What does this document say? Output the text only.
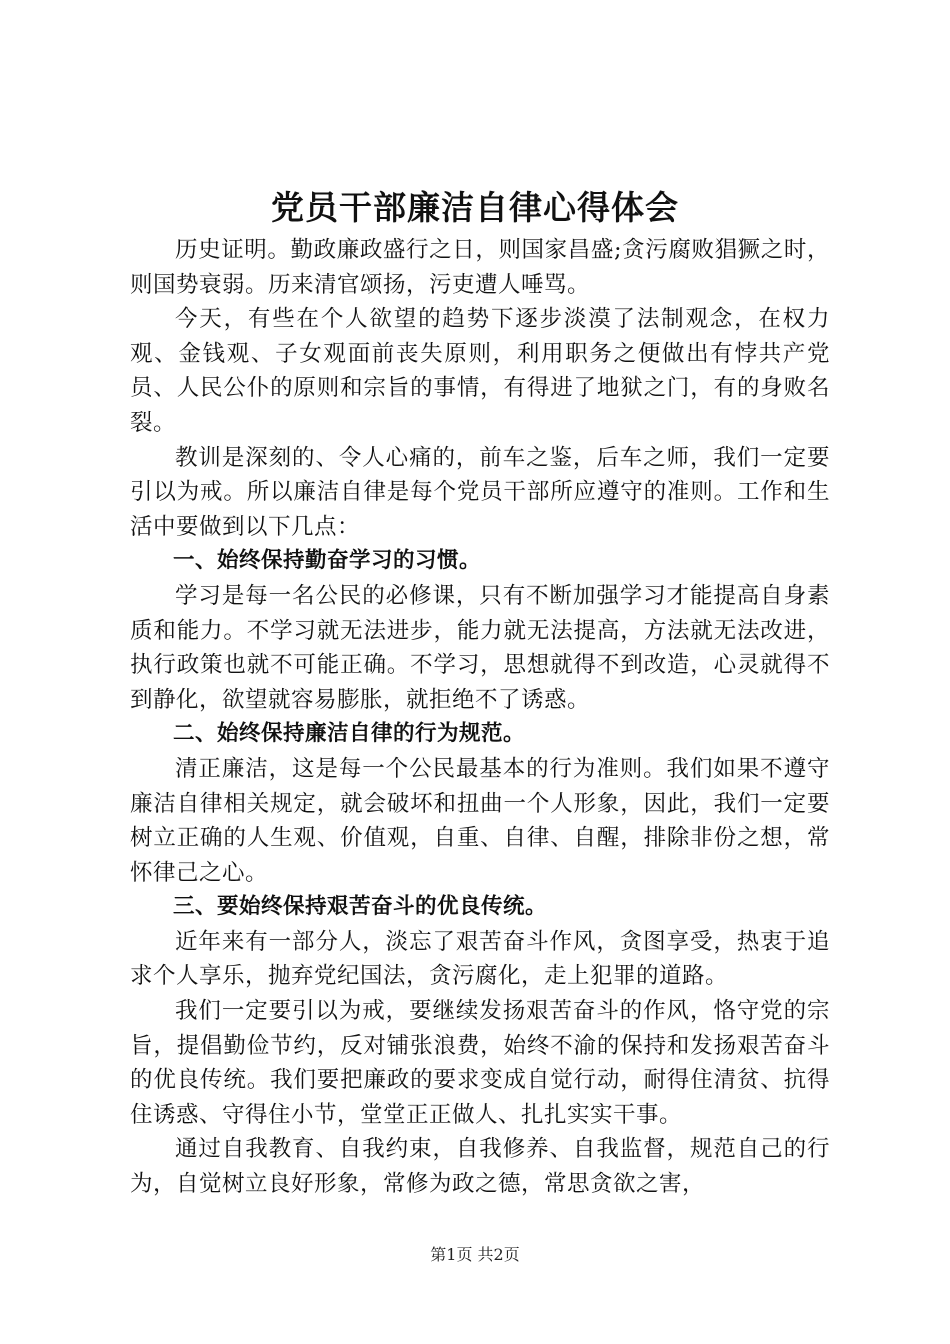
党员干部廉洁自律心得体会

历史证明。勤政廉政盛行之日，则国家昌盛;贪污腐败猖獗之时，则国势衰弱。历来清官颂扬，污吏遭人唾骂。

今天，有些在个人欲望的趋势下逐步淡漠了法制观念，在权力观、金钱观、子女观面前丧失原则，利用职务之便做出有悖共产党员、人民公仆的原则和宗旨的事情，有得进了地狱之门，有的身败名裂。

教训是深刻的、令人心痛的，前车之鉴，后车之师，我们一定要引以为戒。所以廉洁自律是每个党员干部所应遵守的准则。工作和生活中要做到以下几点：

一、始终保持勤奋学习的习惯。

学习是每一名公民的必修课，只有不断加强学习才能提高自身素质和能力。不学习就无法进步，能力就无法提高，方法就无法改进，执行政策也就不可能正确。不学习，思想就得不到改造，心灵就得不到静化，欲望就容易膨胀，就拒绝不了诱惑。

二、始终保持廉洁自律的行为规范。

清正廉洁，这是每一个公民最基本的行为准则。我们如果不遵守廉洁自律相关规定，就会破坏和扭曲一个人形象，因此，我们一定要树立正确的人生观、价值观，自重、自律、自醒，排除非份之想，常怀律己之心。

三、要始终保持艰苦奋斗的优良传统。

近年来有一部分人，淡忘了艰苦奋斗作风，贪图享受，热衷于追求个人享乐，抛弃党纪国法，贪污腐化，走上犯罪的道路。

我们一定要引以为戒，要继续发扬艰苦奋斗的作风，恪守党的宗旨，提倡勤俭节约，反对铺张浪费，始终不渝的保持和发扬艰苦奋斗的优良传统。我们要把廉政的要求变成自觉行动，耐得住清贫、抗得住诱惑、守得住小节，堂堂正正做人、扎扎实实干事。

通过自我教育、自我约束，自我修养、自我监督，规范自己的行为，自觉树立良好形象，常修为政之德，常思贪欲之害，

第1页 共2页
